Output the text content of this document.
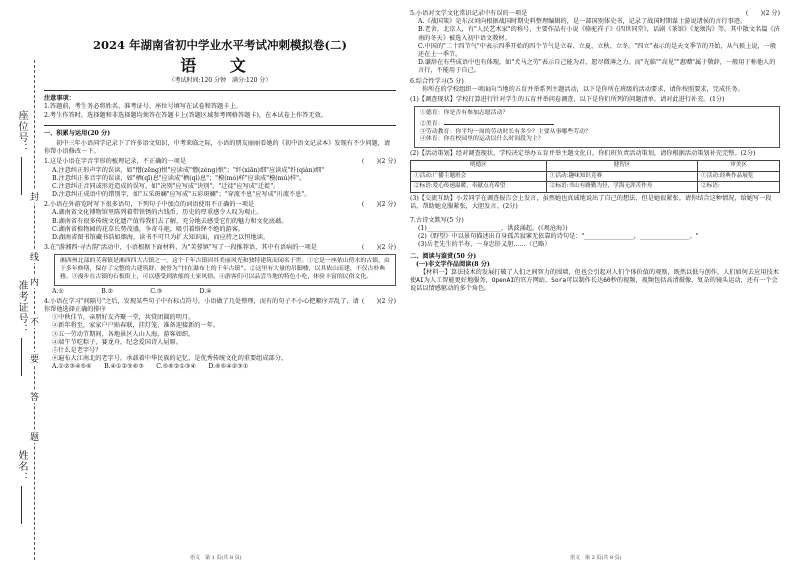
座位号：
准考证号：
姓名：
封
线
内
不
要
答
题
2024 年湖南省初中学业水平考试冲刺模拟卷(二)
语 文
（考试时间:120 分钟　满分:120 分）
注意事项：
1.答题前，考生务必将姓名、准考证号、座位号填写在试卷和答题卡上。
2.考生作答时，选择题和非选择题均须答在答题卡上(答题区域参考网格答题卡)，在本试卷上作答无效。
一、积累与运用(20 分)
初中三年小语同学记录下了许多语文知识，中考来临之际，小语的朋友丽丽看她的《初中语文记录本》发现有不少问题，请你帮小语修改一下。
(　　)(2 分)
1.这是小语在字音字形的梳理记录，不正确的一项是
A.注意纠正形声字的误读，如"憎(zēng)恨"应读成"憎(zèng)恨"；"纤(xiān)细"应读成"纤(qiàn)细"
B.注意纠正多音字的误读，如"栖(qī)息"应读成"栖(qì)息"；"模(mó)样"应读成"模(mú)样"。
C.注意纠正音同或形近造成的误写，如"决别"应写成"诀别"，"迁徒"应写成"迁徙"。
D.注意纠正成语中的错别字，如"五采斑斓"应写成"五彩斑斓"；"穿流不息"应写成"川流不息"。
(　　)(2 分)
2.小语在外游览时写下很多语句，下列句子中加点的词语使用不正确的一项是
A.湖南省文化博物馆里陈列着带铁锈的古钱币，历史的厚重感令人叹为观止。
B.湖南省有很多传统文化遗产值得我们去了解，充分地去感受它们的魅力和文化底蕴。
C.湖南省植物园的花草长势茂盛，争奇斗艳，吸引着络绎不绝的游客。
D.湖南省图书馆藏书浩如烟海，读书不可只为扩大知识面，而应持之以恒地读。
(　　)(2 分)
3.在"游湘西·寻古韵"活动中，小语根据下面材料，为"芙蓉镇"写了一段推荐语，其中有语病的一项是
湘西州北部的芙蓉镇是湘西四大古镇之一，这个千年古镇因其美丽风光和独特建筑而闻名于世。①它是一座依山傍水的古镇，由于多年修缮，保存了完整的古建筑群，被誉为"挂在瀑布上的千年古镇"。②这里有大量的吊脚楼，以其依山而建，不仅古朴典雅。③漫步在古镇的石板街上，可以感受到浓郁的土家风情。④游客们可以品尝当地的特色小吃，体验丰富的民俗文化。
A.①　　　　　　	B.②　　　　　　	C.③　　　　　　	D.④
(　　)(2 分)
4.小语在学习"间隔号"之后，发现某些句子中有标点符号，小语做了几处整理，而有的句子不小心把顺序弄乱了，请你帮他选择正确的排序
①中秋佳节，亲朋好友齐聚一堂，共赏团圆的明月。
②新年将至，家家户户贴春联，挂灯笼，准备迎接新的一年。
③五一劳动节期间，各地景区人山人海，游客如织。
④端午节吃粽子、赛龙舟，纪念爱国诗人屈原。
⑤什么是老字号？
⑥遍布大江南北的老字号，承载着中华民族的记忆，是优秀传统文化的重要组成部分。
A.①②③④⑤⑥　　 B.④①②⑤⑥③　　 C.⑤⑥②①③④　　 D.⑥⑤④②③①
语文　第 1 页(共 8 页)
(　　)(2 分)
5.小语对文学文化常识记录中有误的一项是
A.《战国策》是东汉刘向根据战国时期史料整理编辑的，是一部国别体史书，记录了战国时期谋士游说诸侯的言行事迹。
B.老舍，北京人，有"人民艺术家"的称号，主要作品有小说《骆驼祥子》《四世同堂》，话剧《茶馆》《龙须沟》等。其中散文名篇《济南的冬天》被选入初中语文教材。
C.中国的"二十四节气"中表示四季开始的四个节气是立春、立夏、立秋、立冬。"四立"表示的是天文季节的开始，从气候上说，一般还在上一季节。
D.谦辞在有些成语中也有体现，如"犬马之劳"表示自己能为君，愿尽微薄之力。而"光临""高见""惠赠"属于敬辞，一般用于称他人的言行，不能用于自己。
6.综合性学习(5 分)
你所在的学校组织一项面向当地的五育并举系列主题活动，以下是你所在班级的活动要求，请你按照要求，完成任务。
(1)【调查现状】学校打算进行针对学生的五育并举问卷调查，以下是你们所列的问题清单，请对此进行补充。(1分)
①德育：你是否有参加志愿活动？
②美育：
③劳动教育：你平均一周的劳动时长有多少？主要从事哪些劳动？
④体育：你在校园里的运动以什么时间段为主？
(2)【活动策划】经对调查现状，学校决定举办五育并举主题文化日，你们班负责活动策划，请你根据活动策划补充完整。(2分)
明德区	健智区	审美区
①活动:广播主题班会	①活动:趣味知识竞赛	①活动:经典作品展览
②标语:爱心传递温暖，奉献点亮希望	②标语:书山有路勤为径，学海无涯苦作舟	②标语:
(3)【交流互助】小芳同学在调查报告会上发言，虽然她也真诚地说出了自己的想法，但是她很紧张。请你结合这种情况，给她写一段话，帮助她克服紧张，大胆发言。(2分)
7.古诗文默写(5 分)
(1)________________________，洪波涌起。(《观沧海》)
(2)《野望》中以景句描述出自身孤苦寂寥无依靠的诗句是："________________，________________。"
(3)岳老先生的半寿，一身忠肝义胆……（已略）
二、阅读与鉴赏(50 分)
(一)非文学作品阅读(8 分)
【材料一】算法技术的发展打破了人们之间智力的围墙，但也会引起对人们个体价值的观察，既然以低与创作，人们如何去应用技术使AI为人工智能更好地服务，OpenAI的官方网站，Sora可以制作长达60秒的视频，视频包括高清摄像，复杂的镜头运动，还有一个会说话以情感驱动的多个角色。
语文　第 2 页(共 8 页)
